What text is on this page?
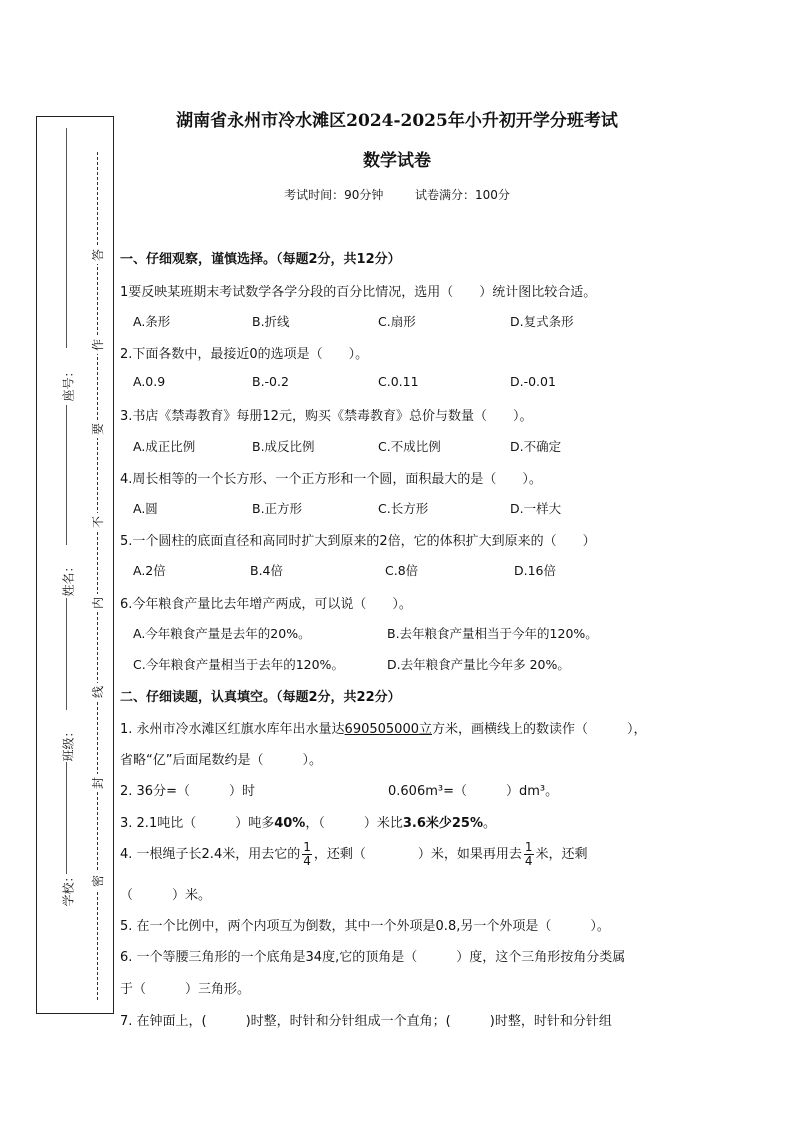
座号：
姓名：
班级：
学校：
答
作
要
不
内
线
封
密
湖南省永州市冷水滩区2024-2025年小升初开学分班考试
数学试卷
考试时间：90分钟	试卷满分：100分
一、仔细观察，谨慎选择。（每题2分，共12分）
1要反映某班期末考试数学各学分段的百分比情况，选用（　　）统计图比较合适。
A.条形	B.折线	C.扇形	D.复式条形
2.下面各数中，最接近0的选项是（　　）。
A.0.9	B.-0.2	C.0.11	D.-0.01
3.书店《禁毒教育》每册12元，购买《禁毒教育》总价与数量（　　）。
A.成正比例	B.成反比例	C.不成比例	D.不确定
4.周长相等的一个长方形、一个正方形和一个圆，面积最大的是（　　）。
A.圆	B.正方形	C.长方形	D.一样大
5.一个圆柱的底面直径和高同时扩大到原来的2倍，它的体积扩大到原来的（　　）
A.2倍	B.4倍	C.8倍	D.16倍
6.今年粮食产量比去年增产两成，可以说（　　）。
A.今年粮食产量是去年的20%。	B.去年粮食产量相当于今年的120%。
C.今年粮食产量相当于去年的120%。	D.去年粮食产量比今年多 20%。
二、仔细读题，认真填空。（每题2分，共22分）
1. 永州市冷水滩区红旗水库年出水量达690505000立方米，画横线上的数读作（　　　），
省略“亿”后面尾数约是（　　　）。
2. 36分=（　　　）时	0.606m³=（　　　）dm³。
3. 2.1吨比（　　　）吨多40%，（　　　）米比3.6米少25%。
4. 一根绳子长2.4米，用去它的 $\frac{1}{4}$ ，还剩（　　　　）米，如果再用去 $\frac{1}{4}$ 米，还剩
（　　　）米。
5. 在一个比例中，两个内项互为倒数，其中一个外项是0.8,另一个外项是（　　　）。
6. 一个等腰三角形的一个底角是34度,它的顶角是（　　　）度，这个三角形按角分类属
于（　　　）三角形。
7. 在钟面上，(　　　)时整，时针和分针组成一个直角；(　　　)时整，时针和分针组
